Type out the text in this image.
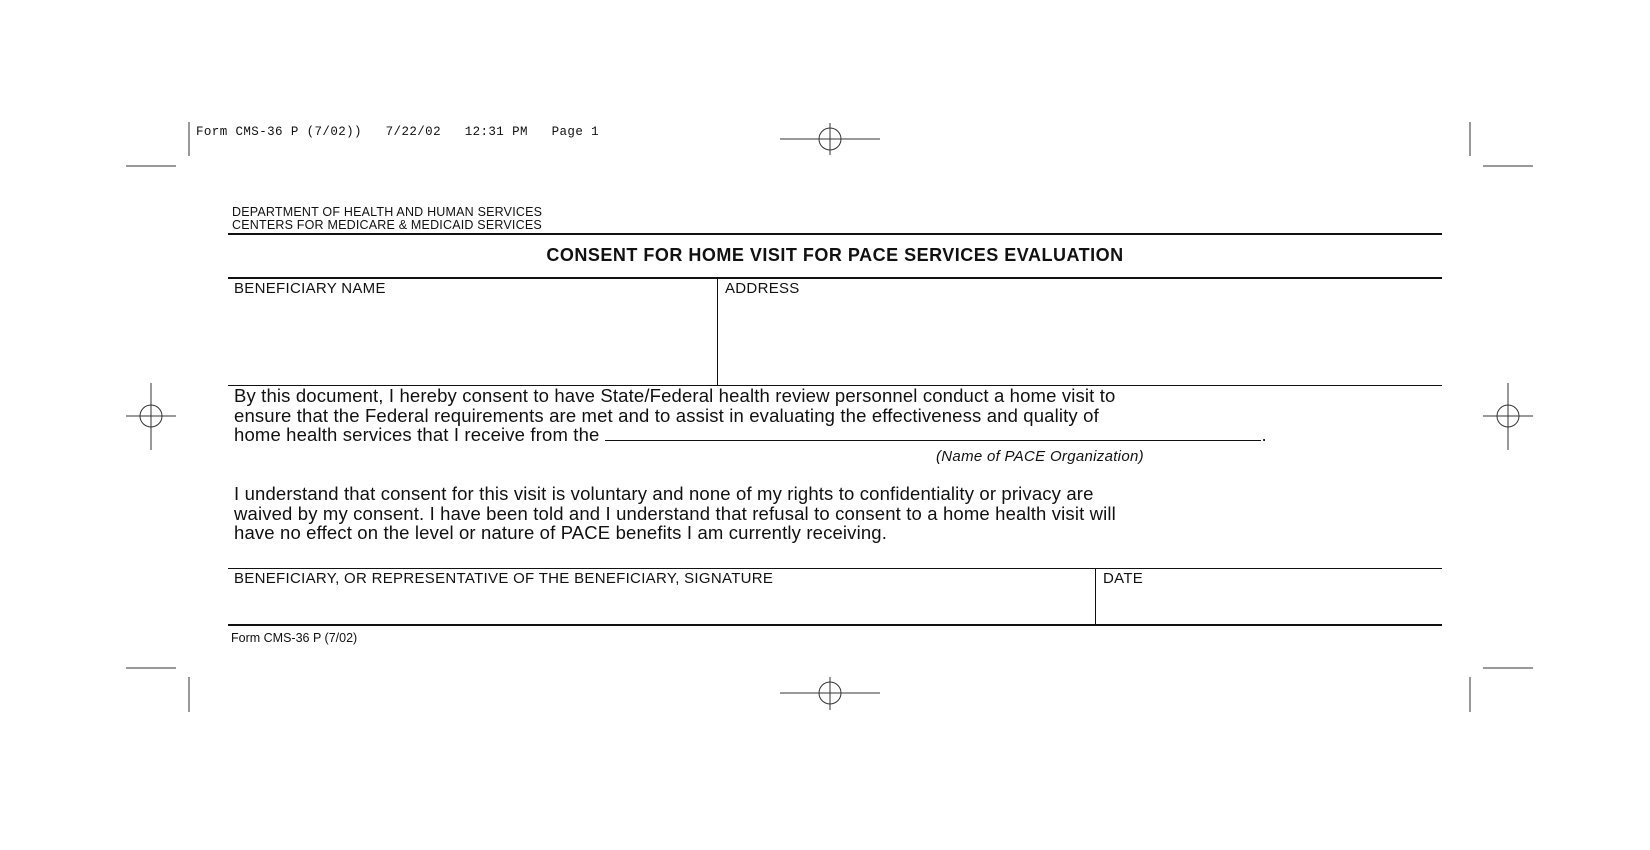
Form CMS-36 P (7/02)) 7/22/02 12:31 PM Page 1
DEPARTMENT OF HEALTH AND HUMAN SERVICES
CENTERS FOR MEDICARE & MEDICAID SERVICES
CONSENT FOR HOME VISIT FOR PACE SERVICES EVALUATION
BENEFICIARY NAME	ADDRESS
By this document, I hereby consent to have State/Federal health review personnel conduct a home visit to
ensure that the Federal requirements are met and to assist in evaluating the effectiveness and quality of
home health services that I receive from the	.
(Name of PACE Organization)
I understand that consent for this visit is voluntary and none of my rights to confidentiality or privacy are
waived by my consent. I have been told and I understand that refusal to consent to a home health visit will
have no effect on the level or nature of PACE benefits I am currently receiving.
BENEFICIARY, OR REPRESENTATIVE OF THE BENEFICIARY, SIGNATURE	DATE
Form CMS-36 P (7/02)
